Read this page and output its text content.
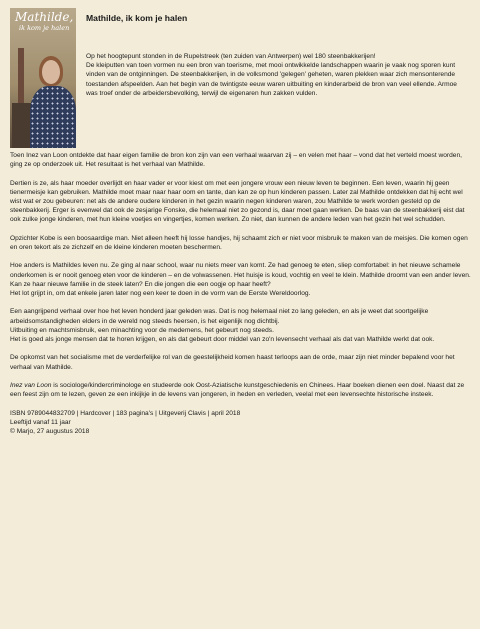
Mathilde,
ik kom je halen
Mathilde, ik kom je halen

Op het hoogtepunt stonden in de Rupelstreek (ten zuiden van Antwerpen) wel 180 steenbakkerijen!
De kleiputten van toen vormen nu een bron van toerisme, met mooi ontwikkelde landschappen waarin je vaak nog sporen kunt vinden van de ontginningen. De steenbakkerijen, in de volksmond 'gelegen' geheten, waren plekken waar zich mensonterende toestanden afspeelden. Aan het begin van de twintigste eeuw waren uitbuiting en kinderarbeid de bron van veel ellende. Armoe was troef onder de arbeidersbevolking, terwijl de eigenaren hun zakken vulden.

Toen Inez van Loon ontdekte dat haar eigen familie de bron kon zijn van een verhaal waarvan zij – en velen met haar – vond dat het verteld moest worden, ging ze op onderzoek uit. Het resultaat is het verhaal van Mathilde.

Dertien is ze, als haar moeder overlijdt en haar vader er voor kiest om met een jongere vrouw een nieuw leven te beginnen. Een leven, waarin hij geen tienermeisje kan gebruiken. Mathilde moet maar naar haar oom en tante, dan kan ze op hun kinderen passen. Later zal Mathilde ontdekken dat hij echt wel wist wat er zou gebeuren: net als de andere oudere kinderen in het gezin waarin negen kinderen waren, zou Mathilde te werk worden gesteld op de steenbakkerij. Erger is evenwel dat ook de zesjarige Fonske, die helemaal niet zo gezond is, daar moet gaan werken. De baas van de steenbakkerij eist dat ook zulke jonge kinderen, met hun kleine voetjes en vingertjes, komen werken. Zo niet, dan kunnen de andere leden van het gezin het wel schudden.

Opzichter Kobe is een boosaardige man. Niet alleen heeft hij losse handjes, hij schaamt zich er niet voor misbruik te maken van de meisjes. Die komen ogen en oren tekort als ze zichzelf en de kleine kinderen moeten beschermen.

Hoe anders is Mathildes leven nu. Ze ging al naar school, waar nu niets meer van komt. Ze had genoeg te eten, sliep comfortabel: in het nieuwe schamele onderkomen is er nooit genoeg eten voor de kinderen – en de volwassenen. Het huisje is koud, vochtig en veel te klein. Mathilde droomt van een ander leven. Kan ze haar nieuwe familie in de steek laten? En die jongen die een oogje op haar heeft?
Het lot grijpt in, om dat enkele jaren later nog een keer te doen in de vorm van de Eerste Wereldoorlog.

Een aangrijpend verhaal over hoe het leven honderd jaar geleden was. Dat is nog helemaal niet zo lang geleden, en als je weet dat soortgelijke arbeidsomstandigheden elders in de wereld nog steeds heersen, is het eigenlijk nog dichtbij.
Uitbuiting en machtsmisbruik, een minachting voor de medemens, het gebeurt nog steeds.
Het is goed als jonge mensen dat te horen krijgen, en als dat gebeurt door middel van zo'n levensecht verhaal als dat van Mathilde werkt dat ook.

De opkomst van het socialisme met de verderfelijke rol van de geestelijkheid komen haast terloops aan de orde, maar zijn niet minder bepalend voor het verhaal van Mathilde.

Inez van Loon is sociologe/kindercriminologe en studeerde ook Oost-Aziatische kunstgeschiedenis en Chinees. Haar boeken dienen een doel. Naast dat ze een feest zijn om te lezen, geven ze een inkijkje in de levens van jongeren, in heden en verleden, veelal met een levensechte historische insteek.

ISBN 9789044832709 | Hardcover | 183 pagina's | Uitgeverij Clavis | april 2018

Leeftijd vanaf 11 jaar

© Marjo, 27 augustus 2018
